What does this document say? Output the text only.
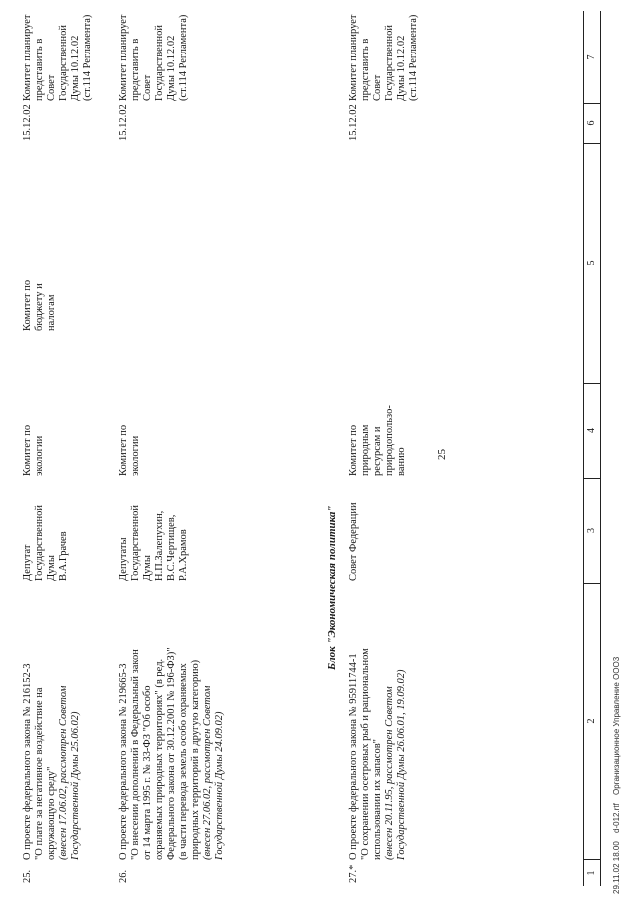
25
1
2
3
4
5
6
7
25.

О проекте федерального закона № 216152-3 "О плате за негативное воздействие на окружающую среду" (внесен 17.06.02, рассмотрен Советом Государственной Думы 25.06.02)

Депутат Государственной Думы В.А.Грачев

Комитет по экологии

Комитет по бюджету и налогам

15.12.02

Комитет планирует представить в Совет Государственной Думы 10.12.02 (ст.114 Регламента)

26.

О проекте федерального закона № 219665-3 "О внесении дополнений в Федеральный закон от 14 марта 1995 г. № 33-ФЗ "Об особо охраняемых природных территориях" (в ред. Федерального закона от 30.12.2001 № 196-ФЗ)" (в части перевода земель особо охраняемых природных территорий в другую категорию) (внесен 27.06.02, рассмотрен Советом Государственной Думы 24.09.02)

Депутаты Государственной Думы Н.П.Залепухин, В.С.Чертищев, Р.А.Храмов

Комитет по экологии

15.12.02

Комитет планирует представить в Совет Государственной Думы 10.12.02 (ст.114 Регламента)

Блок "Экономическая политика"
27.*

О проекте федерального закона № 95911744-1 "О сохранении осетровых рыб и рациональном использовании их запасов" (внесен 20.11.95, рассмотрен Советом Государственной Думы 26.06.01, 19.09.02)

Совет Федерации

Комитет по природным ресурсам и природопользо- ванию

15.12.02

Комитет планирует представить в Совет Государственной Думы 10.12.02 (ст.114 Регламента)

29.11.02 18.00 d-012.rtf Организационное Управление ООО3
